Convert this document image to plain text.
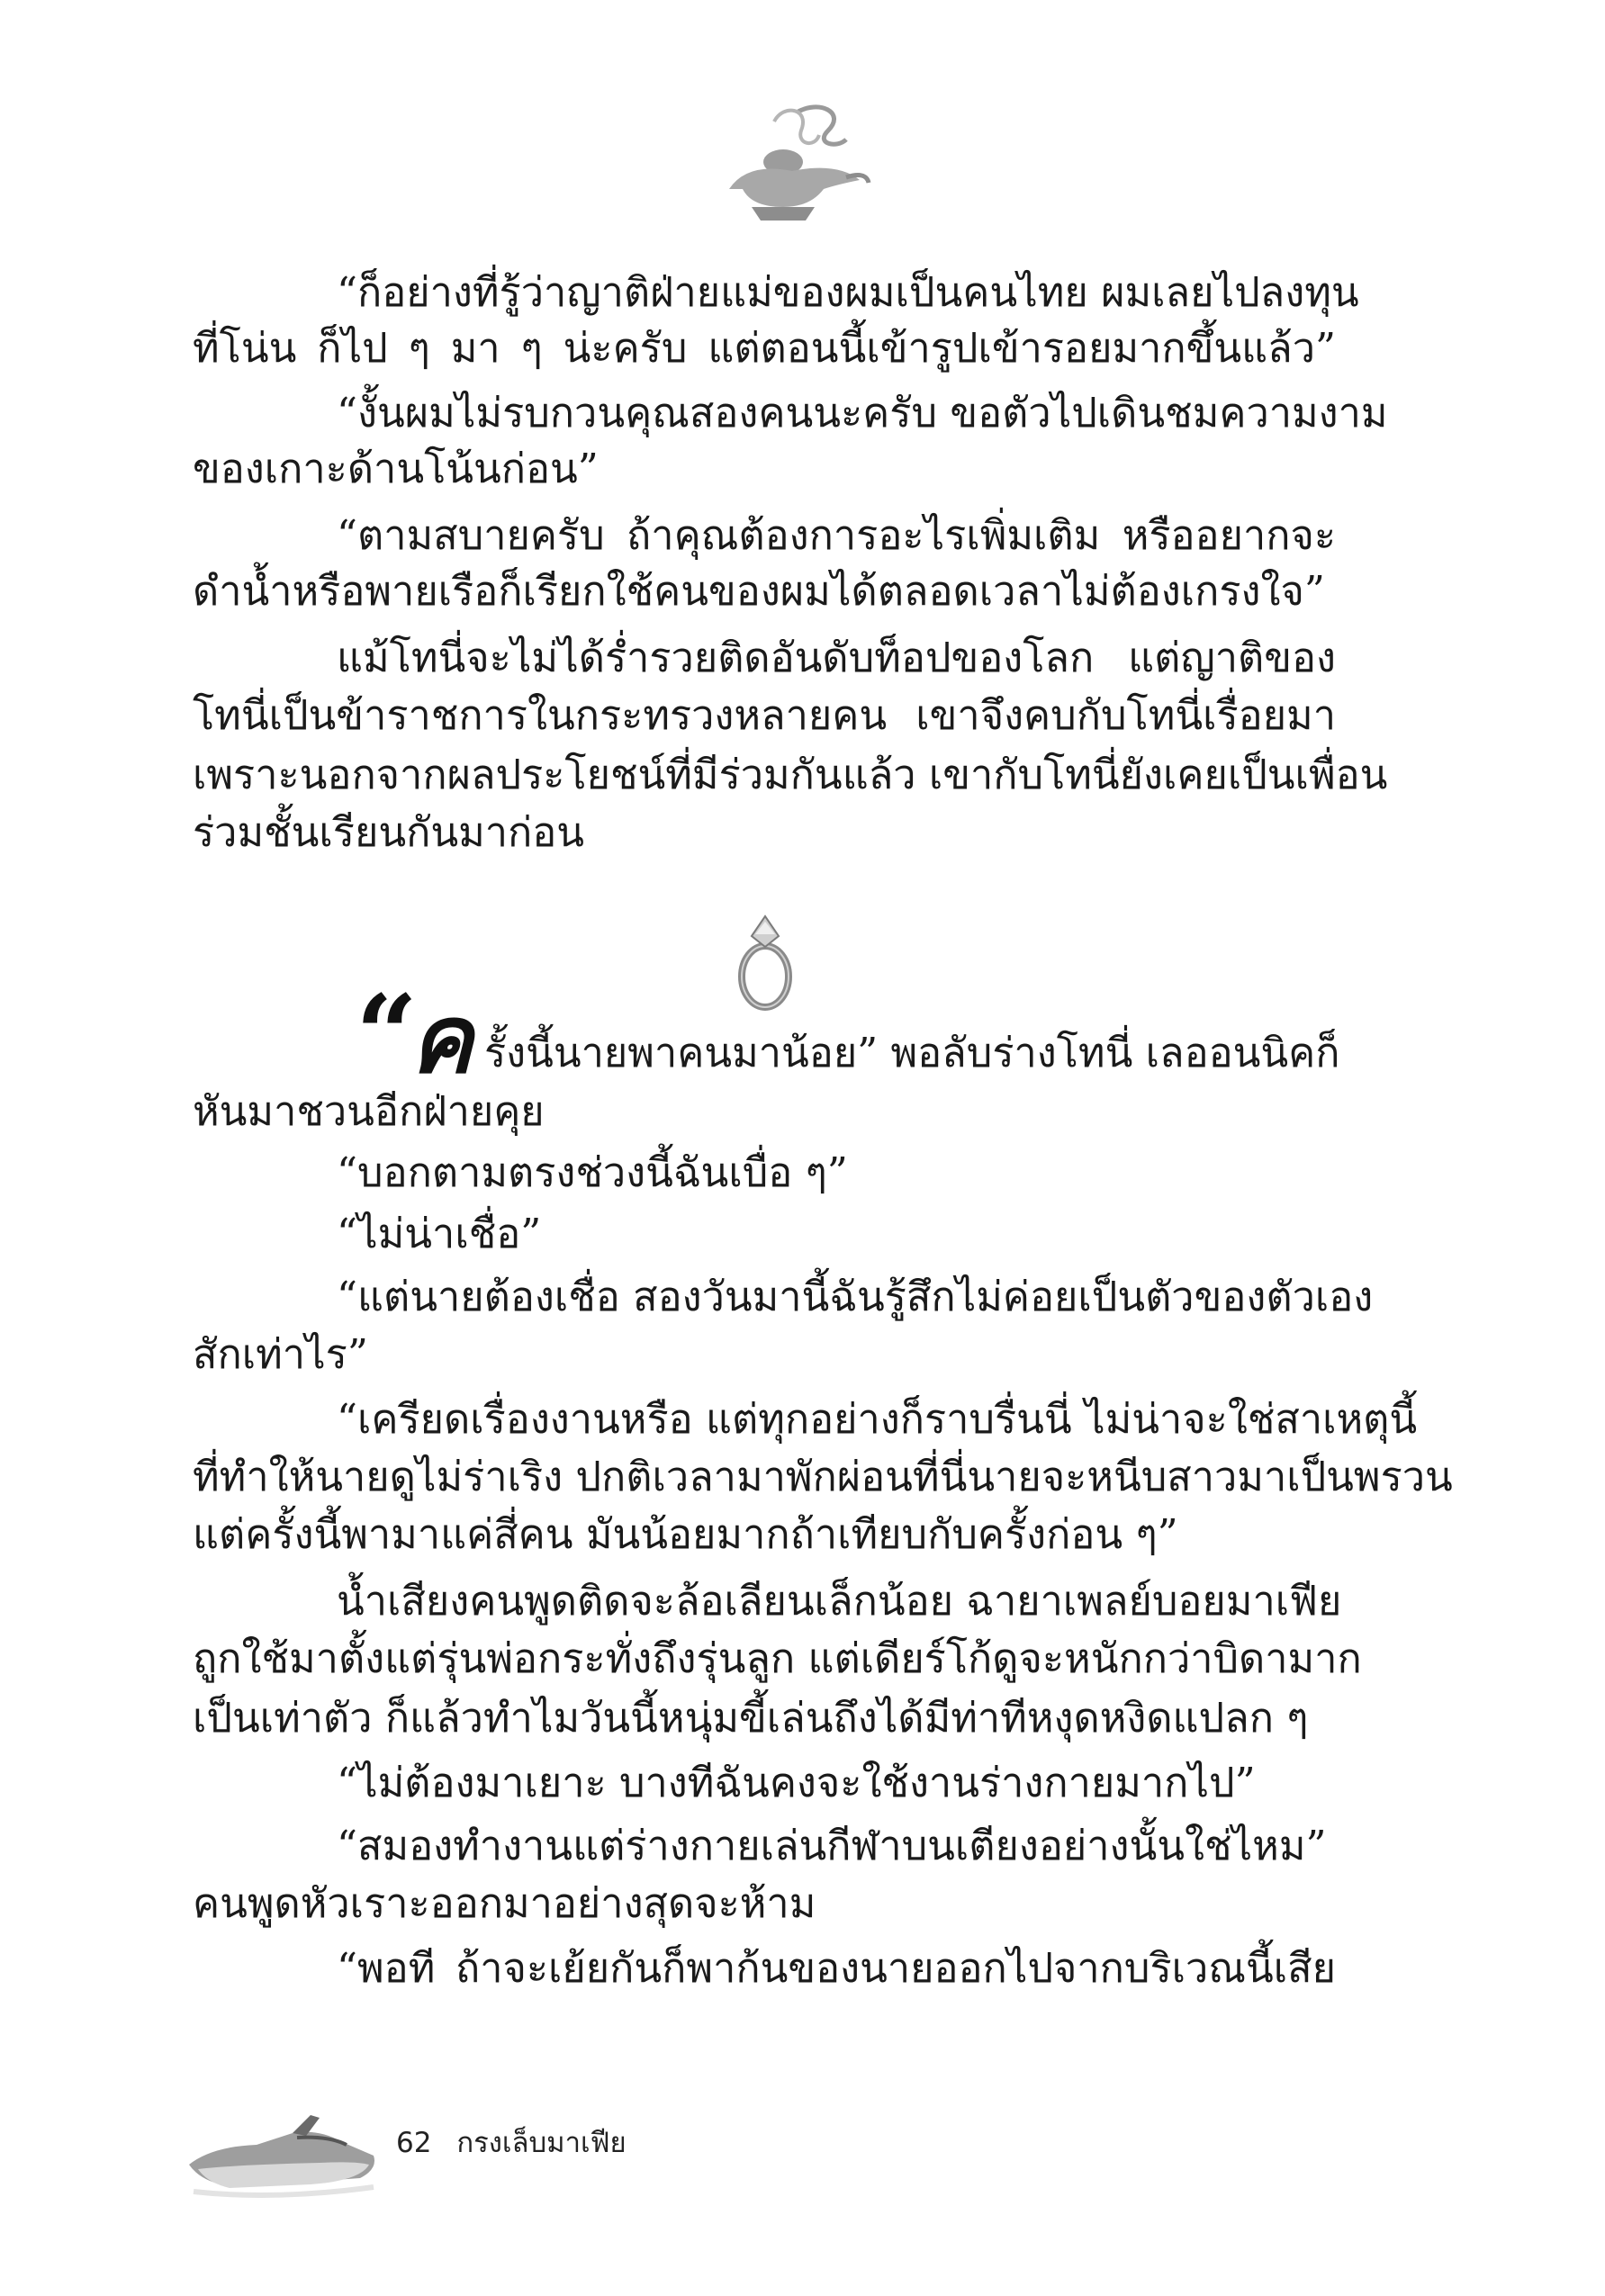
“ก็อย่างที่รู้ว่าญาติฝ่ายแม่ของผมเป็นคนไทย ผมเลยไปลงทุน
ที่โน่น ก็ไป ๆ มา ๆ น่ะครับ แต่ตอนนี้เข้ารูปเข้ารอยมากขึ้นแล้ว”
“งั้นผมไม่รบกวนคุณสองคนนะครับ ขอตัวไปเดินชมความงาม
ของเกาะด้านโน้นก่อน”
“ตามสบายครับ ถ้าคุณต้องการอะไรเพิ่มเติม หรืออยากจะ
ดำน้ำหรือพายเรือก็เรียกใช้คนของผมได้ตลอดเวลาไม่ต้องเกรงใจ”
แม้โทนี่จะไม่ได้ร่ำรวยติดอันดับท็อปของโลก แต่ญาติของ
โทนี่เป็นข้าราชการในกระทรวงหลายคน เขาจึงคบกับโทนี่เรื่อยมา
เพราะนอกจากผลประโยชน์ที่มีร่วมกันแล้ว เขากับโทนี่ยังเคยเป็นเพื่อน
ร่วมชั้นเรียนกันมาก่อน
“
ค รั้งนี้นายพาคนมาน้อย” พอลับร่างโทนี่ เลออนนิคก็
หันมาชวนอีกฝ่ายคุย
“บอกตามตรงช่วงนี้ฉันเบื่อ ๆ”
“ไม่น่าเชื่อ”
“แต่นายต้องเชื่อ สองวันมานี้ฉันรู้สึกไม่ค่อยเป็นตัวของตัวเอง
สักเท่าไร”
“เครียดเรื่องงานหรือ แต่ทุกอย่างก็ราบรื่นนี่ ไม่น่าจะใช่สาเหตุนี้
ที่ทำให้นายดูไม่ร่าเริง ปกติเวลามาพักผ่อนที่นี่นายจะหนีบสาวมาเป็นพรวน
แต่ครั้งนี้พามาแค่สี่คน มันน้อยมากถ้าเทียบกับครั้งก่อน ๆ”
น้ำเสียงคนพูดติดจะล้อเลียนเล็กน้อย ฉายาเพลย์บอยมาเฟีย
ถูกใช้มาตั้งแต่รุ่นพ่อกระทั่งถึงรุ่นลูก แต่เดียร์โก้ดูจะหนักกว่าบิดามาก
เป็นเท่าตัว ก็แล้วทำไมวันนี้หนุ่มขี้เล่นถึงได้มีท่าทีหงุดหงิดแปลก ๆ
“ไม่ต้องมาเยาะ บางทีฉันคงจะใช้งานร่างกายมากไป”
“สมองทำงานแต่ร่างกายเล่นกีฬาบนเตียงอย่างนั้นใช่ไหม”
คนพูดหัวเราะออกมาอย่างสุดจะห้าม
“พอที ถ้าจะเย้ยกันก็พาก้นของนายออกไปจากบริเวณนี้เสีย
62 กรงเล็บมาเฟีย
